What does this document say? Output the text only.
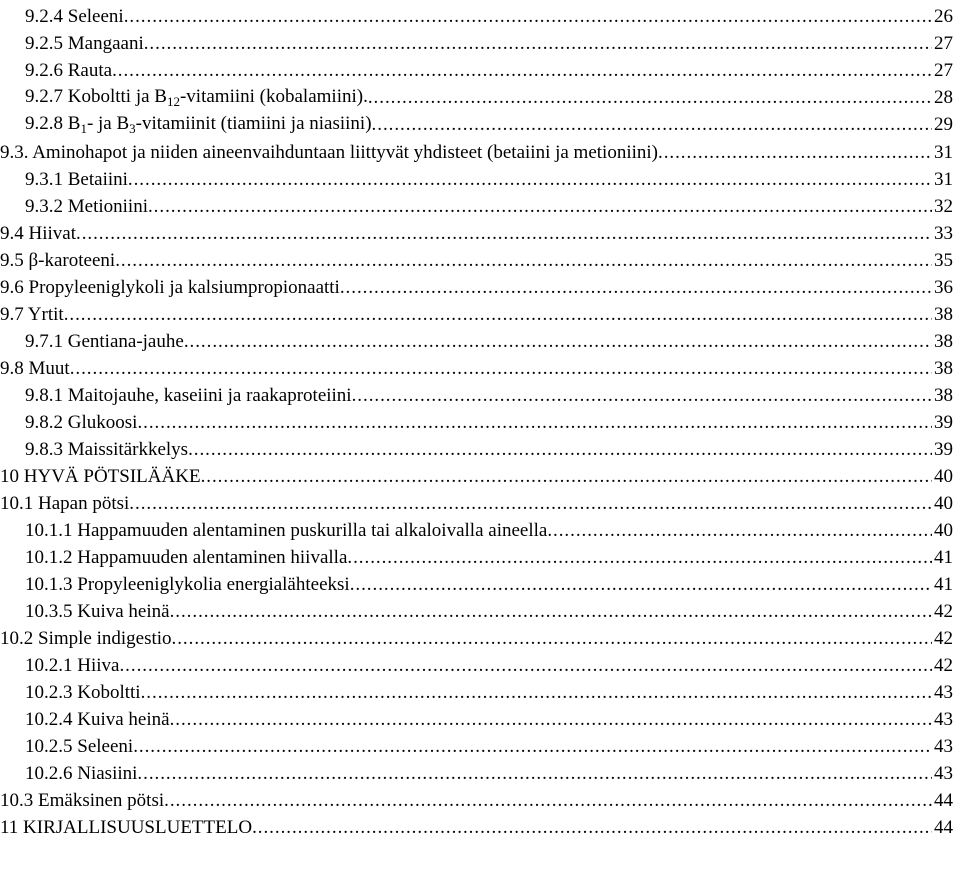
9.2.4 Seleeni . . .	26
9.2.5 Mangaani . . .	27
9.2.6 Rauta . . .	27
9.2.7 Koboltti ja $B_{12}$-vitamiini (kobalamiini). . . .	28
9.2.8 $B_1-$ ja $B_3$-vitamiinit (tiamiini ja niasiini) . . .	29
9.3. Aminohapot ja niiden aineenvaihduntaan liittyvät yhdisteet (betaiini ja metioniini) . . .	31
9.3.1 Betaiini . . .	31
9.3.2 Metioniini . . .	32
9.4 Hiivat . . .	33
9.5 β-karoteeni . . .	35
9.6 Propyleeniglykoli ja kalsiumpropionaatti . . .	36
9.7 Yrtit . . .	38
9.7.1 Gentiana-jauhe . . .	38
9.8 Muut . . .	38
9.8.1 Maitojauhe, kaseiini ja raakaproteiini . . .	38
9.8.2 Glukoosi . . .	39
9.8.3 Maissitärkkelys . . .	39
10 HYVÄ PÖTSILÄÄKE . . .	40
10.1 Hapan pötsi . . .	40
10.1.1 Happamuuden alentaminen puskurilla tai alkaloivalla aineella . . .	40
10.1.2 Happamuuden alentaminen hiivalla . . .	41
10.1.3 Propyleeniglykolia energialähteeksi . . .	41
10.3.5 Kuiva heinä . . .	42
10.2 Simple indigestio . . .	42
10.2.1 Hiiva . . .	42
10.2.3 Koboltti . . .	43
10.2.4 Kuiva heinä . . .	43
10.2.5 Seleeni . . .	43
10.2.6 Niasiini . . .	43
10.3 Emäksinen pötsi . . .	44
11 KIRJALLISUUSLUETTELO . . .	44
